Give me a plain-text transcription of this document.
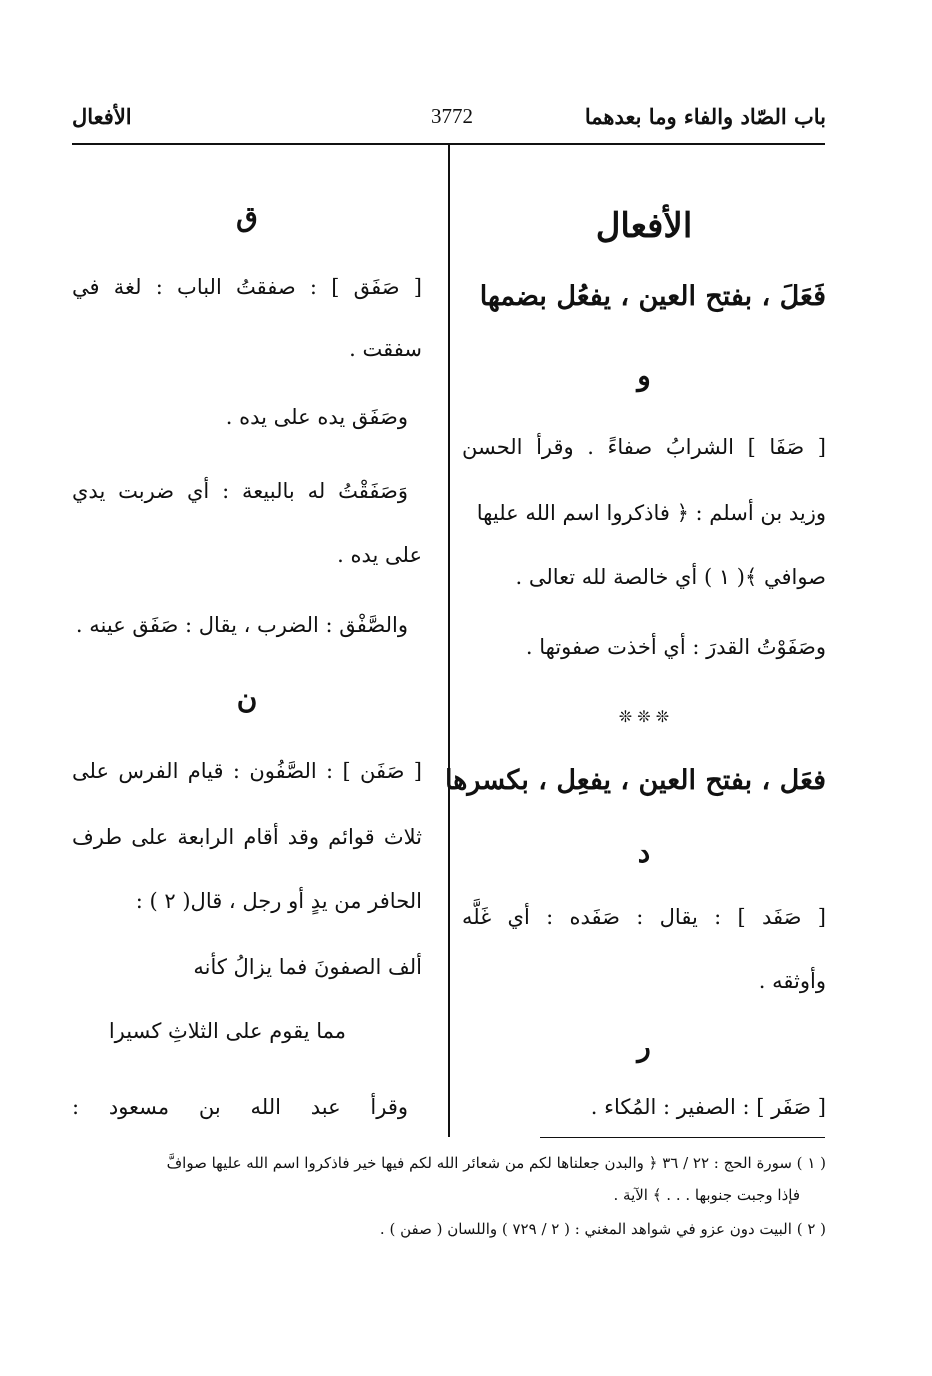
باب الصّاد والفاء وما بعدهما
3772
الأفعال
الأفعال
فَعَلَ ، بفتح العين ، يفعُل بضمها
و
[ صَفَا ] الشرابُ صفاءً . وقرأ الحسن
وزيد بن أسلم : ﴿ فاذكروا اسم الله عليها
صوافي ﴾( ١ ) أي خالصة لله تعالى .
وصَفَوْتُ القدرَ : أي أخذت صفوتها .
❊ ❊ ❊
فعَل ، بفتح العين ، يفعِل ، بكسرها
د
[ صَفَد ] : يقال : صَفَده : أي غَلَّه
وأوثقه .
ر
[ صَفَر ] : الصفير : المُكاء .
ق
[ صَفَق ] : صفقتُ الباب : لغة في
سفقت .
وصَفَق يده على يده .
وَصَفَقْتُ له بالبيعة : أي ضربت يدي
على يده .
والصَّفْق : الضرب ، يقال : صَفَق عينه .
ن
[ صَفَن ] : الصَّفُون : قيام الفرس على
ثلاث قوائم وقد أقام الرابعة على طرف
الحافر من يدٍ أو رجل ، قال( ٢ ) :
ألف الصفونَ فما يزالُ كأنه
مما يقوم على الثلاثِ كسيرا
وقرأ عبد الله بن مسعود :
( ١ ) سورة الحج : ٢٢ / ٣٦ ﴿ والبدن جعلناها لكم من شعائر الله لكم فيها خير فاذكروا اسم الله عليها صوافَّ
فإذا وجبت جنوبها . . . ﴾ الآية .
( ٢ ) البيت دون عزو في شواهد المغني : ( ٢ / ٧٢٩ ) واللسان ( صفن ) .
